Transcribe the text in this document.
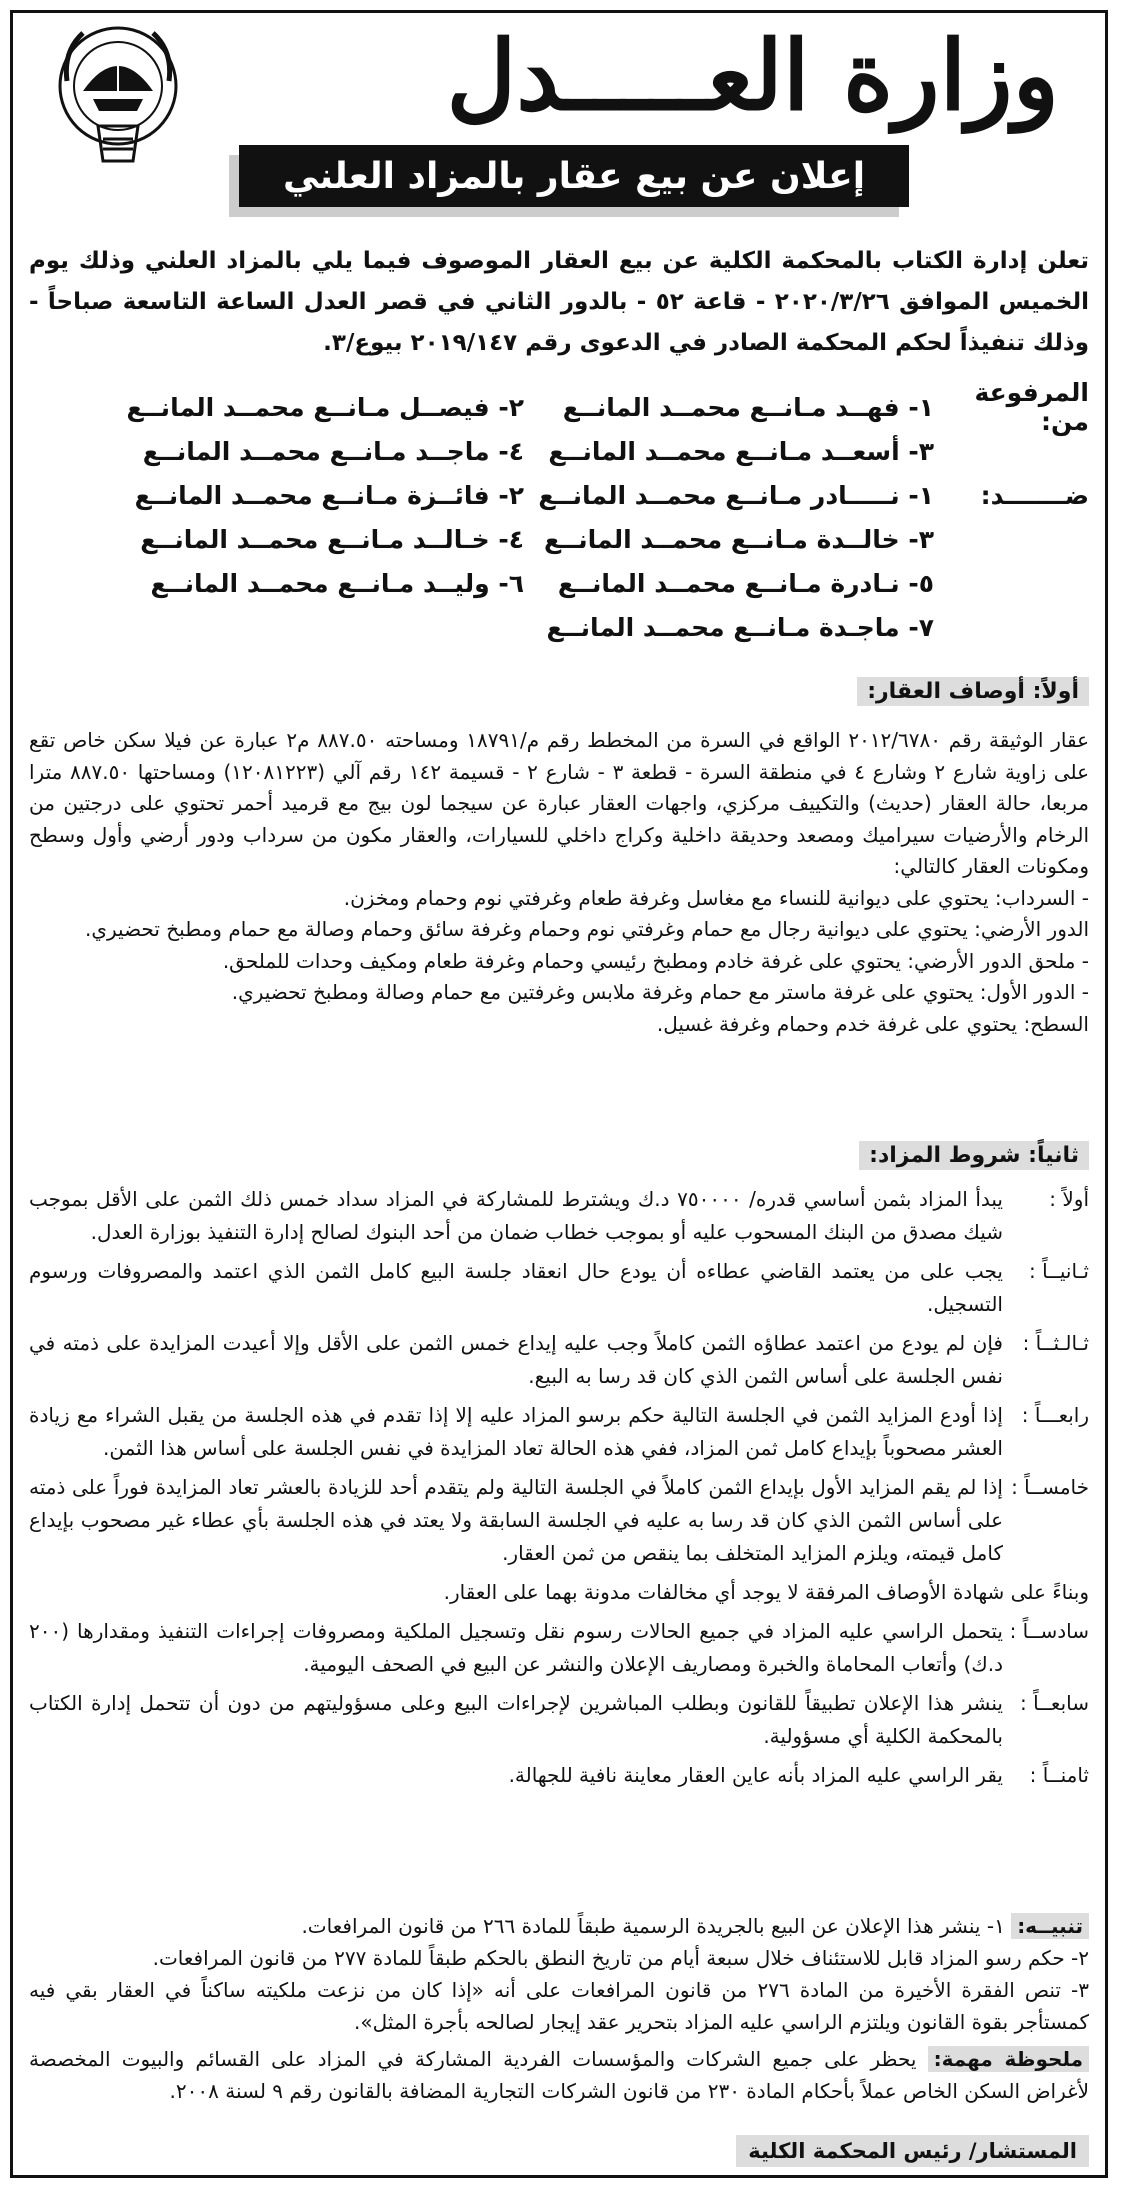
وزارة العـــــدل
إعلان عن بيع عقار بالمزاد العلني
تعلن إدارة الكتاب بالمحكمة الكلية عن بيع العقار الموصوف فيما يلي بالمزاد العلني وذلك يوم الخميس الموافق ٢٠٢٠/٣/٢٦ - قاعة ٥٢ - بالدور الثاني في قصر العدل الساعة التاسعة صباحاً - وذلك تنفيذاً لحكم المحكمة الصادر في الدعوى رقم ٢٠١٩/١٤٧ بيوع/٣.
المرفوعة من:
١- فهــد مـانــع محمــد المانــع
٢- فيصــل مـانــع محمــد المانــع
٣- أسعــد مـانــع محمــد المانــع
٤- ماجــد مـانــع محمــد المانــع
ضـــــــد:
١- نـــــادر مـانــع محمــد المانــع
٢- فائــزة مـانــع محمــد المانــع
٣- خالــدة مـانــع محمــد المانــع
٤- خـالــد مـانــع محمــد المانــع
٥- نـادرة مـانــع محمــد المانــع
٦- وليــد مـانــع محمــد المانــع
٧- ماجـدة مـانــع محمــد المانــع
أولاً: أوصاف العقار:

عقار الوثيقة رقم ٢٠١٢/٦٧٨٠ الواقع في السرة من المخطط رقم م/١٨٧٩١ ومساحته ٨٨٧.٥٠ م٢ عبارة عن فيلا سكن خاص تقع على زاوية شارع ٢ وشارع ٤ في منطقة السرة - قطعة ٣ - شارع ٢ - قسيمة ١٤٢ رقم آلي (١٢٠٨١٢٢٣) ومساحتها ٨٨٧.٥٠ مترا مربعا، حالة العقار (حديث) والتكييف مركزي، واجهات العقار عبارة عن سيجما لون بيج مع قرميد أحمر تحتوي على درجتين من الرخام والأرضيات سيراميك ومصعد وحديقة داخلية وكراج داخلي للسيارات، والعقار مكون من سرداب ودور أرضي وأول وسطح ومكونات العقار كالتالي:

- السرداب: يحتوي على ديوانية للنساء مع مغاسل وغرفة طعام وغرفتي نوم وحمام ومخزن.

الدور الأرضي: يحتوي على ديوانية رجال مع حمام وغرفتي نوم وحمام وغرفة سائق وحمام وصالة مع حمام ومطبخ تحضيري.

- ملحق الدور الأرضي: يحتوي على غرفة خادم ومطبخ رئيسي وحمام وغرفة طعام ومكيف وحدات للملحق.

- الدور الأول: يحتوي على غرفة ماستر مع حمام وغرفة ملابس وغرفتين مع حمام وصالة ومطبخ تحضيري.

السطح: يحتوي على غرفة خدم وحمام وغرفة غسيل.

ثانياً: شروط المزاد:
أولاً :
يبدأ المزاد بثمن أساسي قدره/ ٧٥٠٠٠٠ د.ك ويشترط للمشاركة في المزاد سداد خمس ذلك الثمن على الأقل بموجب شيك مصدق من البنك المسحوب عليه أو بموجب خطاب ضمان من أحد البنوك لصالح إدارة التنفيذ بوزارة العدل.
ثـانيــاً :
يجب على من يعتمد القاضي عطاءه أن يودع حال انعقاد جلسة البيع كامل الثمن الذي اعتمد والمصروفات ورسوم التسجيل.
ثـالـثــاً :
فإن لم يودع من اعتمد عطاؤه الثمن كاملاً وجب عليه إيداع خمس الثمن على الأقل وإلا أعيدت المزايدة على ذمته في نفس الجلسة على أساس الثمن الذي كان قد رسا به البيع.
رابعـــاً :
إذا أودع المزايد الثمن في الجلسة التالية حكم برسو المزاد عليه إلا إذا تقدم في هذه الجلسة من يقبل الشراء مع زيادة العشر مصحوباً بإيداع كامل ثمن المزاد، ففي هذه الحالة تعاد المزايدة في نفس الجلسة على أساس هذا الثمن.
خامســاً :
إذا لم يقم المزايد الأول بإيداع الثمن كاملاً في الجلسة التالية ولم يتقدم أحد للزيادة بالعشر تعاد المزايدة فوراً على ذمته على أساس الثمن الذي كان قد رسا به عليه في الجلسة السابقة ولا يعتد في هذه الجلسة بأي عطاء غير مصحوب بإيداع كامل قيمته، ويلزم المزايد المتخلف بما ينقص من ثمن العقار.

وبناءً على شهادة الأوصاف المرفقة لا يوجد أي مخالفات مدونة بهما على العقار.

سادســاً :
يتحمل الراسي عليه المزاد في جميع الحالات رسوم نقل وتسجيل الملكية ومصروفات إجراءات التنفيذ ومقدارها (٢٠٠ د.ك) وأتعاب المحاماة والخبرة ومصاريف الإعلان والنشر عن البيع في الصحف اليومية.
سابعــاً :
ينشر هذا الإعلان تطبيقاً للقانون وبطلب المباشرين لإجراءات البيع وعلى مسؤوليتهم من دون أن تتحمل إدارة الكتاب بالمحكمة الكلية أي مسؤولية.
ثامنــاً :
يقر الراسي عليه المزاد بأنه عاين العقار معاينة نافية للجهالة.

تنبيــه: ١- ينشر هذا الإعلان عن البيع بالجريدة الرسمية طبقاً للمادة ٢٦٦ من قانون المرافعات.

٢- حكم رسو المزاد قابل للاستئناف خلال سبعة أيام من تاريخ النطق بالحكم طبقاً للمادة ٢٧٧ من قانون المرافعات.

٣- تنص الفقرة الأخيرة من المادة ٢٧٦ من قانون المرافعات على أنه «إذا كان من نزعت ملكيته ساكناً في العقار بقي فيه كمستأجر بقوة القانون ويلتزم الراسي عليه المزاد بتحرير عقد إيجار لصالحه بأجرة المثل».

ملحوظة مهمة: يحظر على جميع الشركات والمؤسسات الفردية المشاركة في المزاد على القسائم والبيوت المخصصة لأغراض السكن الخاص عملاً بأحكام المادة ٢٣٠ من قانون الشركات التجارية المضافة بالقانون رقم ٩ لسنة ٢٠٠٨.
المستشار/ رئيس المحكمة الكلية
